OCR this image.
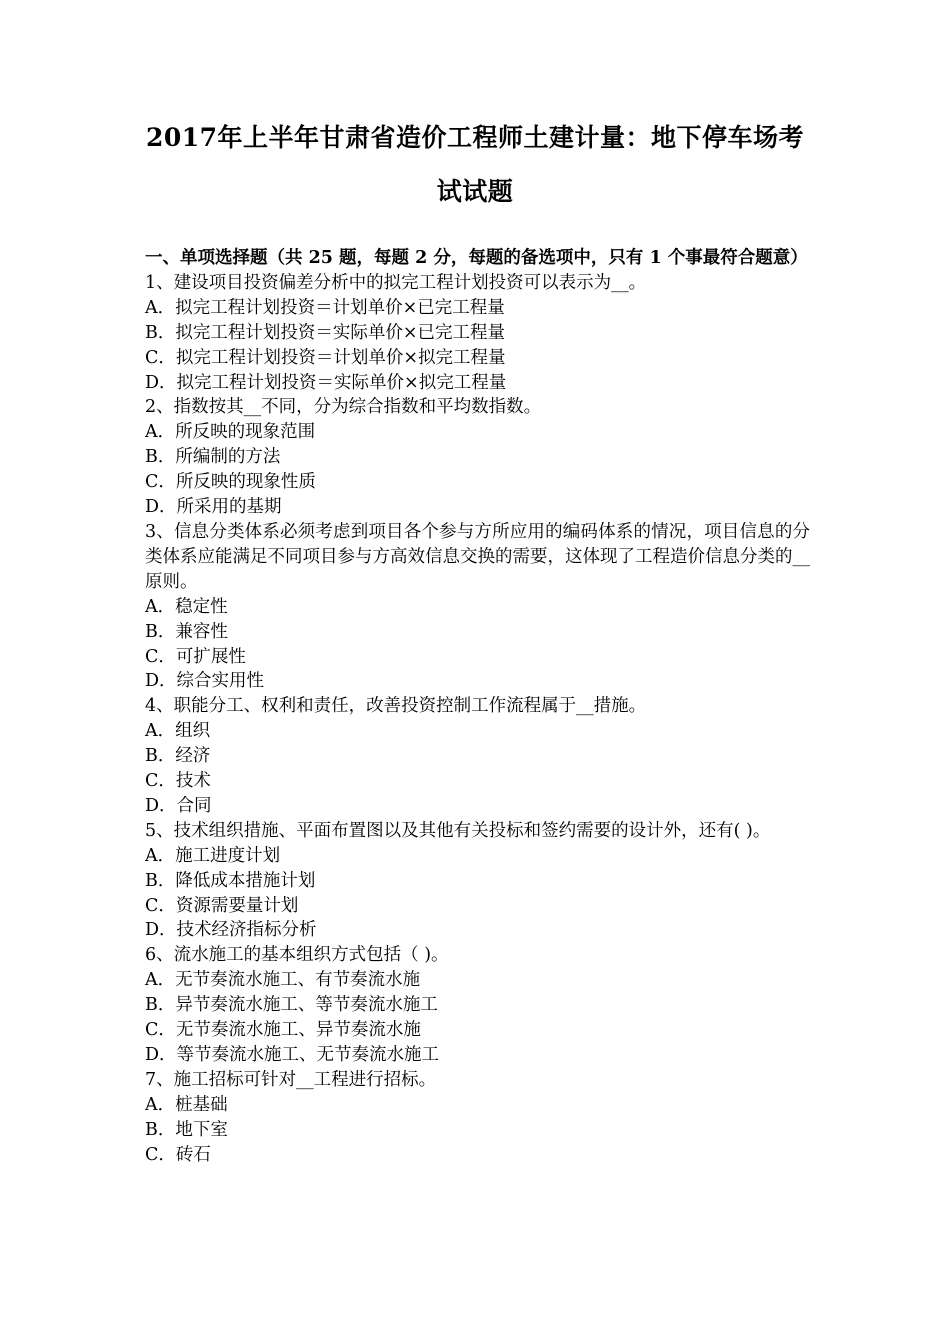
2017年上半年甘肃省造价工程师土建计量：地下停车场考
试试题
一、单项选择题（共 25 题，每题 2 分，每题的备选项中，只有 1 个事最符合题意）
1、建设项目投资偏差分析中的拟完工程计划投资可以表示为__。
A．拟完工程计划投资＝计划单价×已完工程量
B．拟完工程计划投资＝实际单价×已完工程量
C．拟完工程计划投资＝计划单价×拟完工程量
D．拟完工程计划投资＝实际单价×拟完工程量
2、指数按其__不同，分为综合指数和平均数指数。
A．所反映的现象范围
B．所编制的方法
C．所反映的现象性质
D．所采用的基期
3、信息分类体系必须考虑到项目各个参与方所应用的编码体系的情况，项目信息的分类体系应能满足不同项目参与方高效信息交换的需要，这体现了工程造价信息分类的__原则。
A．稳定性
B．兼容性
C．可扩展性
D．综合实用性
4、职能分工、权利和责任，改善投资控制工作流程属于__措施。
A．组织
B．经济
C．技术
D．合同
5、技术组织措施、平面布置图以及其他有关投标和签约需要的设计外，还有( )。
A．施工进度计划
B．降低成本措施计划
C．资源需要量计划
D．技术经济指标分析
6、流水施工的基本组织方式包括（ )。
A．无节奏流水施工、有节奏流水施
B．异节奏流水施工、等节奏流水施工
C．无节奏流水施工、异节奏流水施
D．等节奏流水施工、无节奏流水施工
7、施工招标可针对__工程进行招标。
A．桩基础
B．地下室
C．砖石
